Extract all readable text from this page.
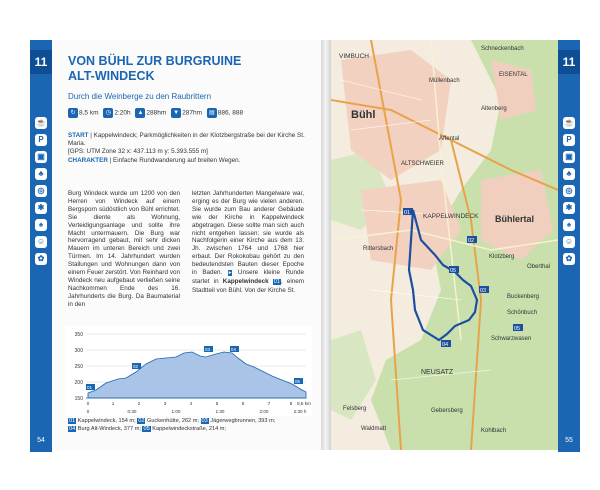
11
☕
P
▣
♣
◎
✱
♠
☺
✿
54
11
☕
P
▣
♣
◎
✱
♠
☺
✿
55
VON BÜHL ZUR BURGRUINE
ALT-WINDECK
Durch die Weinberge zu den Raubrittern
↻ 8,5 km ◷ 2:20h ▲ 288hm ▼ 287hm ▤ 886, 888
START | Kappelwindeck; Parkmöglichkeiten in der Klotzbergstraße bei der Kirche St. Maria.
[GPS: UTM Zone 32 x: 437.113 m y: 5.393.555 m]
CHARAKTER | Einfache Rundwanderung auf breiten Wegen.
Burg Windeck wurde um 1200 von den Herren von Windeck auf einem Bergsporn südöstlich von Bühl errichtet. Sie diente als Wohnung, Verteidigungsanlage und sollte ihre Macht untermauern. Die Burg war hervorragend gebaut, mit sehr dicken Mauern im unteren Bereich und zwei Türmen. Im 14. Jahrhundert wurden Stallungen und Wohnungen dann von einem Feuer zerstört. Von Reinhard von Windeck neu aufgebaut verließen seine Nachkommen Ende des 16. Jahrhunderts die Burg. Da Baumaterial in den
letzten Jahrhunderten Mangelware war, erging es der Burg wie vielen anderen. Sie wurde zum Bau anderer Gebäude wie der Kirche in Kappelwindeck abgetragen. Diese sollte man sich auch nicht entgehen lassen: sie wurde als Nachfolgerin einer Kirche aus dem 13. Jh. zwischen 1764 und 1768 hier erbaut. Der Rokokobau gehört zu den bedeutendsten Bauten dieser Epoche in Baden. ▸ Unsere kleine Runde startet in Kappelwindeck 01, einem Stadtteil von Bühl. Von der Kirche St.
350
300
250
200
150
01
02
03	04
05
0	1	2	3	4	5	6	7	8 8,5 km
0	0:30	1:00	1:30	2:00	2:30 h
01 Kappelwindeck, 154 m; 02 Guckenhütte, 262 m; 03 Jägerwegbrunnen, 393 m;
04 Burg Alt-Windeck, 377 m; 05 Kappelwindeckstraße, 214 m;
01
02
03
04
05
05
VIMBUCH
Schneckenbach
EISENTAL
Müllenbach
Altenberg
Bühl
Affental
ALTSCHWEIER
KAPPELWINDECK Bühlertal
Rittersbach
Klotzberg
Oberthal
Buckenberg
Schönbuch
Schwarzwasen
NEUSATZ
Felsberg	Gebersberg
Waldmatt	Kohlbach
